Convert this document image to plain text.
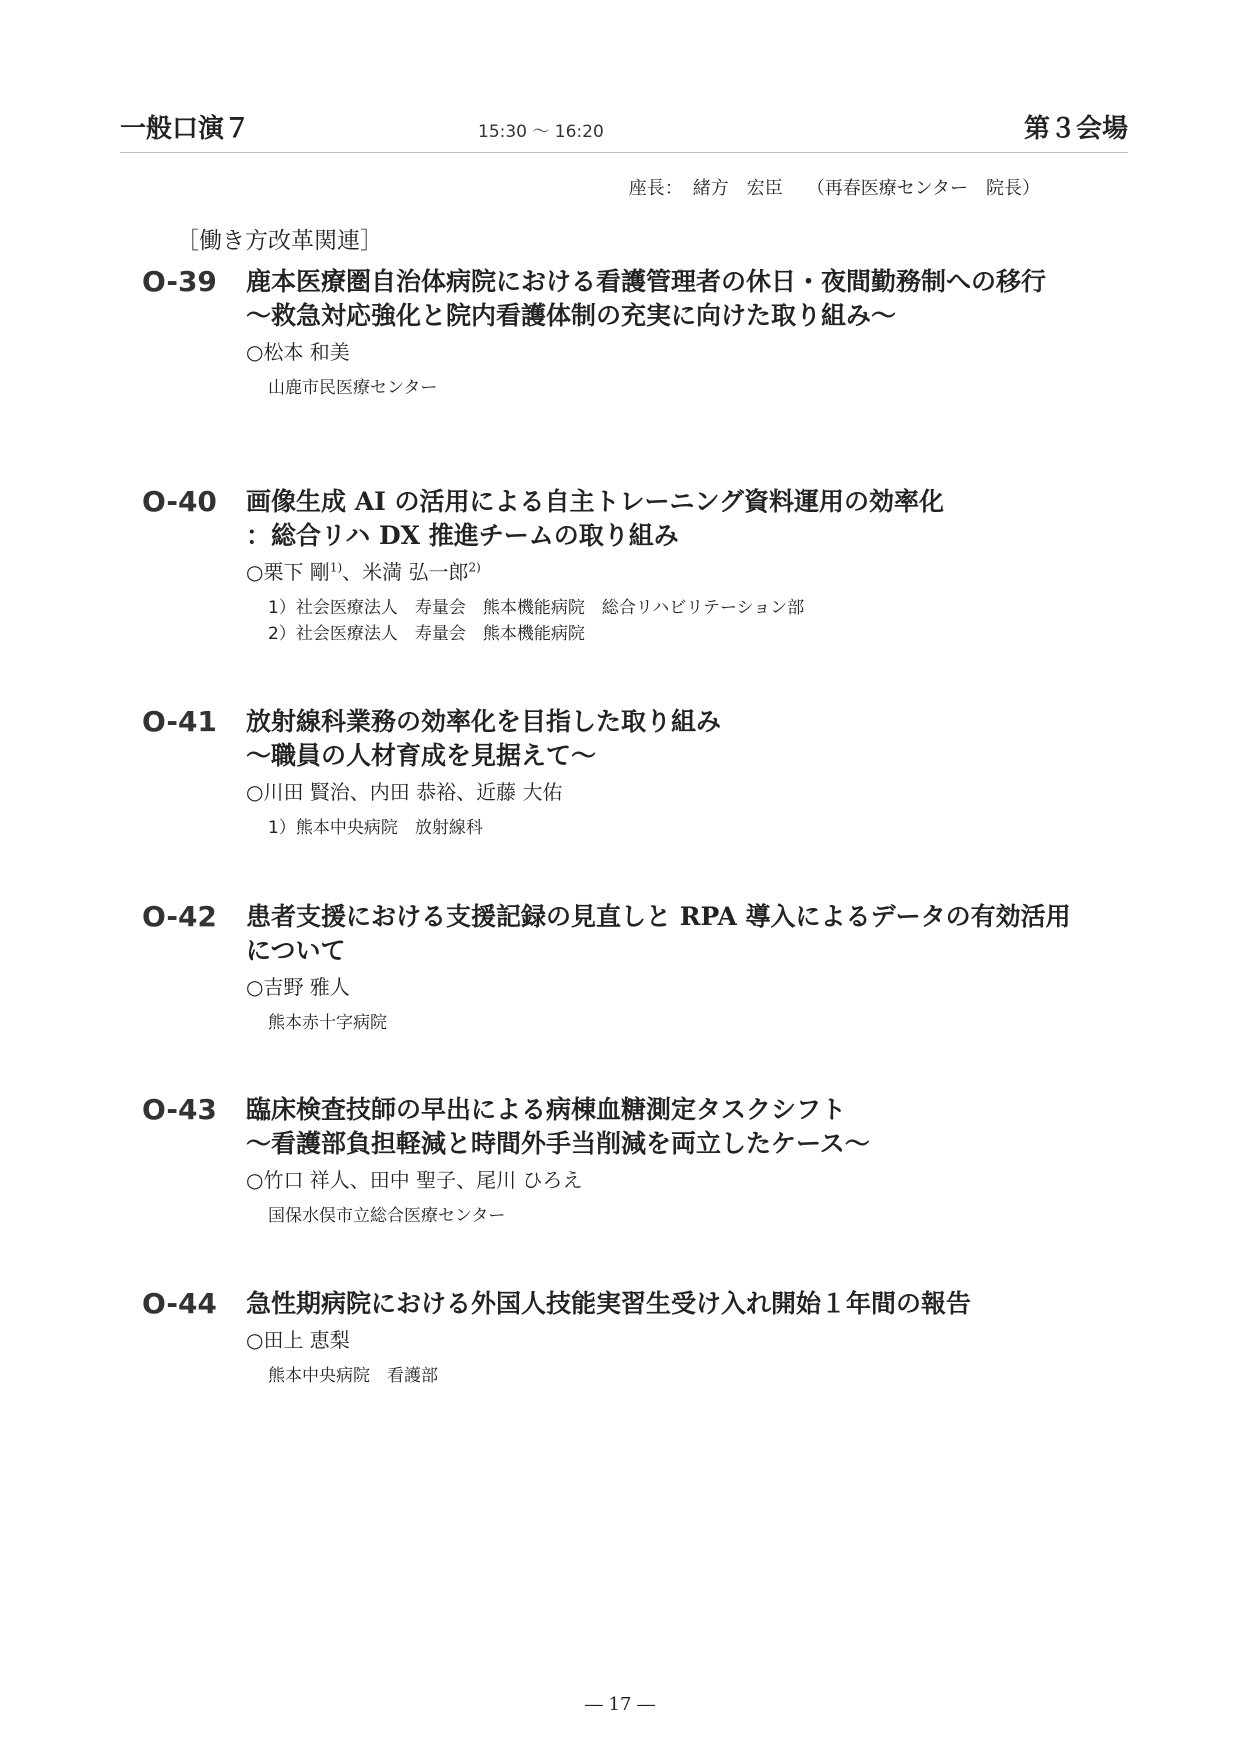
一般口演７	15:30 ～ 16:20	第３会場
座長： 緒方　宏臣 （再春医療センター　院長）
［働き方改革関連］
O-39 鹿本医療圏自治体病院における看護管理者の休日・夜間勤務制への移行
～救急対応強化と院内看護体制の充実に向けた取り組み～
○松本 和美
山鹿市民医療センター
O-40 画像生成 AI の活用による自主トレーニング資料運用の効率化
：総合リハ DX 推進チームの取り組み
○栗下 剛$^{1)}$、米満 弘一郎$^{2)}$
1）社会医療法人　寿量会　熊本機能病院　総合リハビリテーション部
2）社会医療法人　寿量会　熊本機能病院
O-41 放射線科業務の効率化を目指した取り組み
～職員の人材育成を見据えて～
○川田 賢治、内田 恭裕、近藤 大佑
1）熊本中央病院　放射線科
O-42 患者支援における支援記録の見直しと RPA 導入によるデータの有効活用
について
○吉野 雅人
熊本赤十字病院
O-43 臨床検査技師の早出による病棟血糖測定タスクシフト
～看護部負担軽減と時間外手当削減を両立したケース～
○竹口 祥人、田中 聖子、尾川 ひろえ
国保水俣市立総合医療センター
O-44 急性期病院における外国人技能実習生受け入れ開始１年間の報告
○田上 恵梨
熊本中央病院　看護部
― 17 ―
